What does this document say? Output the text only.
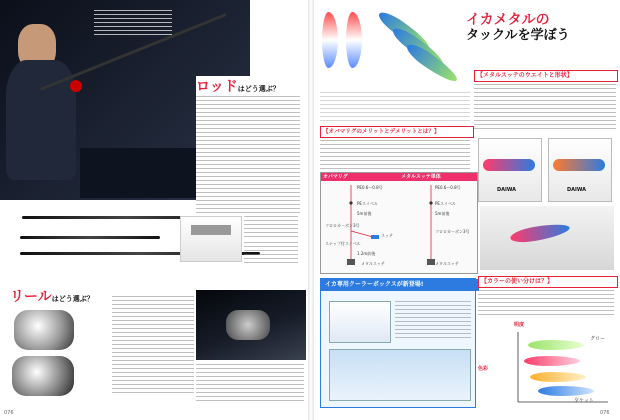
ロッドはどう選ぶ？
リールはどう選ぶ？
076
イカメタルの
タックルを学ぼう
【メタルスッテのウエイトと形状】
【オバマリグのメリットとデメリットとは？】
DAIWA	DAIWA
オバマリグ	メタルスッテ単体
PE0.6〜0.8号
PEスイベル
5m前後
フロロカーボン3号
スッテ
スナップ付スイベル
1.2m前後
メタルスッテ
PE0.6〜0.8号
PEスイベル
5m前後
フロロカーボン3号
メタルスッテ
イカ専用クーラーボックスが新登場!	【カラーの使い分けは？】
明度
色彩
グロー
夕ケット
076
